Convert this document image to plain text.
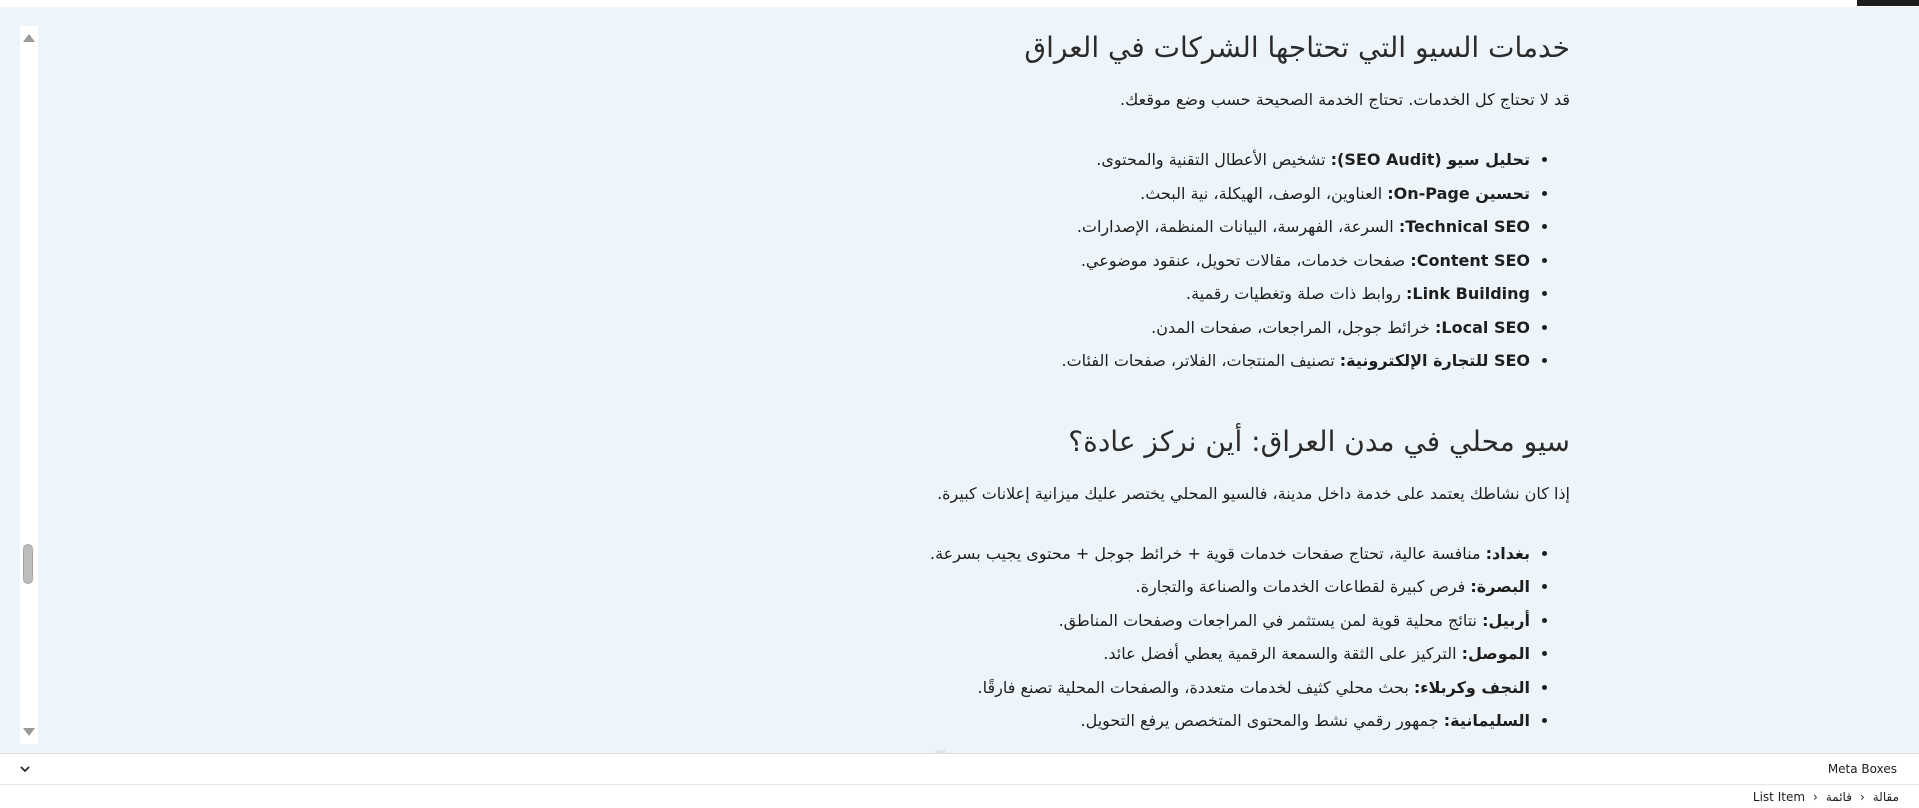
خدمات السيو التي تحتاجها الشركات في العراق

قد لا تحتاج كل الخدمات. تحتاج الخدمة الصحيحة حسب وضع موقعك.

• تحليل سيو (SEO Audit): تشخيص الأعطال التقنية والمحتوى.
• تحسين On-Page: العناوين، الوصف، الهيكلة، نية البحث.
• Technical SEO: السرعة، الفهرسة، البيانات المنظمة، الإصدارات.
• Content SEO: صفحات خدمات، مقالات تحويل، عنقود موضوعي.
• Link Building: روابط ذات صلة وتغطيات رقمية.
• Local SEO: خرائط جوجل، المراجعات، صفحات المدن.
• SEO للتجارة الإلكترونية: تصنيف المنتجات، الفلاتر، صفحات الفئات.
سيو محلي في مدن العراق: أين نركز عادة؟

إذا كان نشاطك يعتمد على خدمة داخل مدينة، فالسيو المحلي يختصر عليك ميزانية إعلانات كبيرة.

• بغداد: منافسة عالية، تحتاج صفحات خدمات قوية + خرائط جوجل + محتوى يجيب بسرعة.
• البصرة: فرص كبيرة لقطاعات الخدمات والصناعة والتجارة.
• أربيل: نتائج محلية قوية لمن يستثمر في المراجعات وصفحات المناطق.
• الموصل: التركيز على الثقة والسمعة الرقمية يعطي أفضل عائد.
• النجف وكربلاء: بحث محلي كثيف لخدمات متعددة، والصفحات المحلية تصنع فارقًا.
• السليمانية: جمهور رقمي نشط والمحتوى المتخصص يرفع التحويل.
Meta Boxes
مقالة‹قائمة‹List Item
